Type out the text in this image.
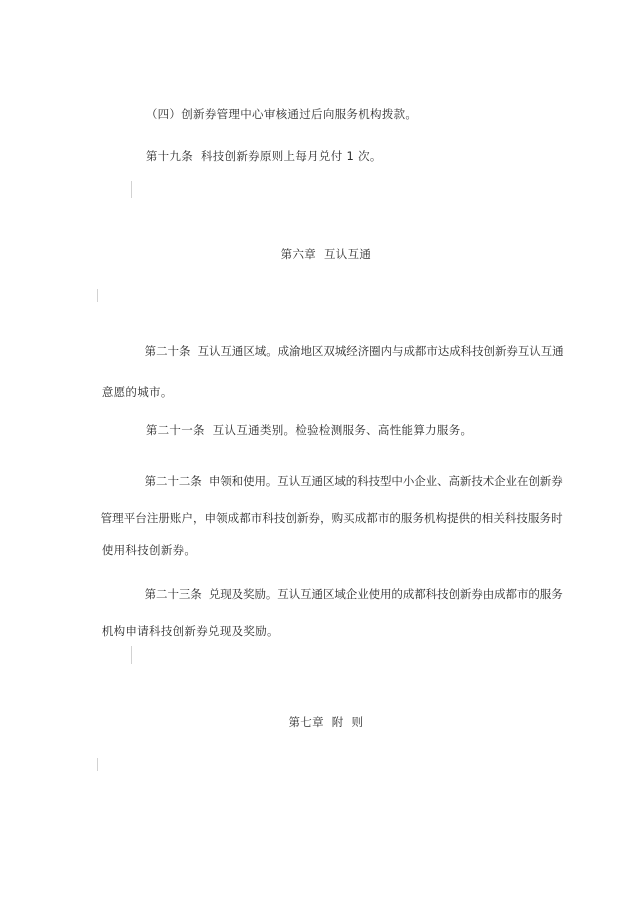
（四）创新券管理中心审核通过后向服务机构拨款。

第十九条  科技创新券原则上每月兑付 1 次。

第六章  互认互通

第二十条  互认互通区域。成渝地区双城经济圈内与成都市达成科技创新券互认互通

意愿的城市。

第二十一条  互认互通类别。检验检测服务、高性能算力服务。

第二十二条  申领和使用。互认互通区域的科技型中小企业、高新技术企业在创新券

管理平台注册账户，申领成都市科技创新券，购买成都市的服务机构提供的相关科技服务时

使用科技创新券。

第二十三条  兑现及奖励。互认互通区域企业使用的成都科技创新券由成都市的服务

机构申请科技创新券兑现及奖励。

第七章  附  则
